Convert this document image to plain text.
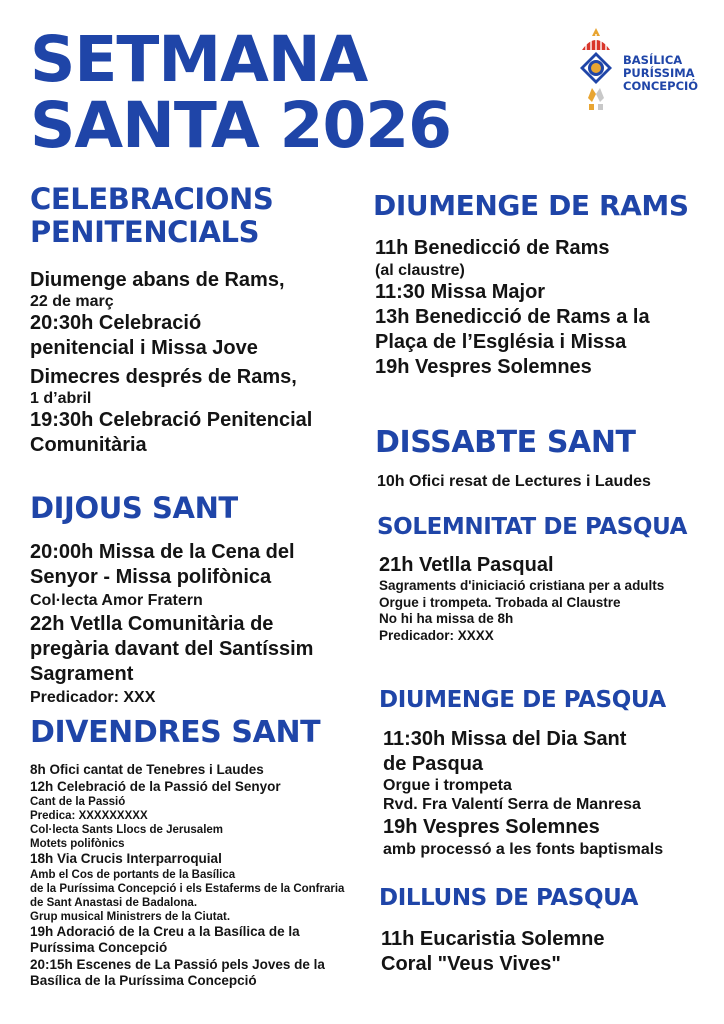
SETMANA
SANTA 2026
BASÍLICA
PURÍSSIMA
CONCEPCIÓ
CELEBRACIONS
PENITENCIALS
Diumenge abans de Rams,
22 de març
20:30h Celebració
penitencial i Missa Jove
Dimecres després de Rams,
1 d’abril
19:30h Celebració Penitencial
Comunitària
DIJOUS SANT
20:00h Missa de la Cena del
Senyor - Missa polifònica
Col·lecta Amor Fratern
22h Vetlla Comunitària de
pregària davant del Santíssim
Sagrament
Predicador: XXX
DIVENDRES SANT
8h Ofici cantat de Tenebres i Laudes
12h Celebració de la Passió del Senyor
Cant de la Passió
Predica: XXXXXXXXX
Col·lecta Sants Llocs de Jerusalem
Motets polifònics
18h Via Crucis Interparroquial
Amb el Cos de portants de la Basílica
de la Puríssima Concepció i els Estaferms de la Confraria
de Sant Anastasi de Badalona.
Grup musical Ministrers de la Ciutat.
19h Adoració de la Creu a la Basílica de la
Puríssima Concepció
20:15h Escenes de La Passió pels Joves de la
Basílica de la Puríssima Concepció
DIUMENGE DE RAMS
11h Benedicció de Rams
(al claustre)
11:30 Missa Major
13h Benedicció de Rams a la
Plaça de l’Església i Missa
19h Vespres Solemnes
DISSABTE SANT
10h Ofici resat de Lectures i Laudes
SOLEMNITAT DE PASQUA
21h Vetlla Pasqual
Sagraments d'iniciació cristiana per a adults
Orgue i trompeta. Trobada al Claustre
No hi ha missa de 8h
Predicador: XXXX
DIUMENGE DE PASQUA
11:30h Missa del Dia Sant
de Pasqua
Orgue i trompeta
Rvd. Fra Valentí Serra de Manresa
19h Vespres Solemnes
amb processó a les fonts baptismals
DILLUNS DE PASQUA
11h Eucaristia Solemne
Coral "Veus Vives"
